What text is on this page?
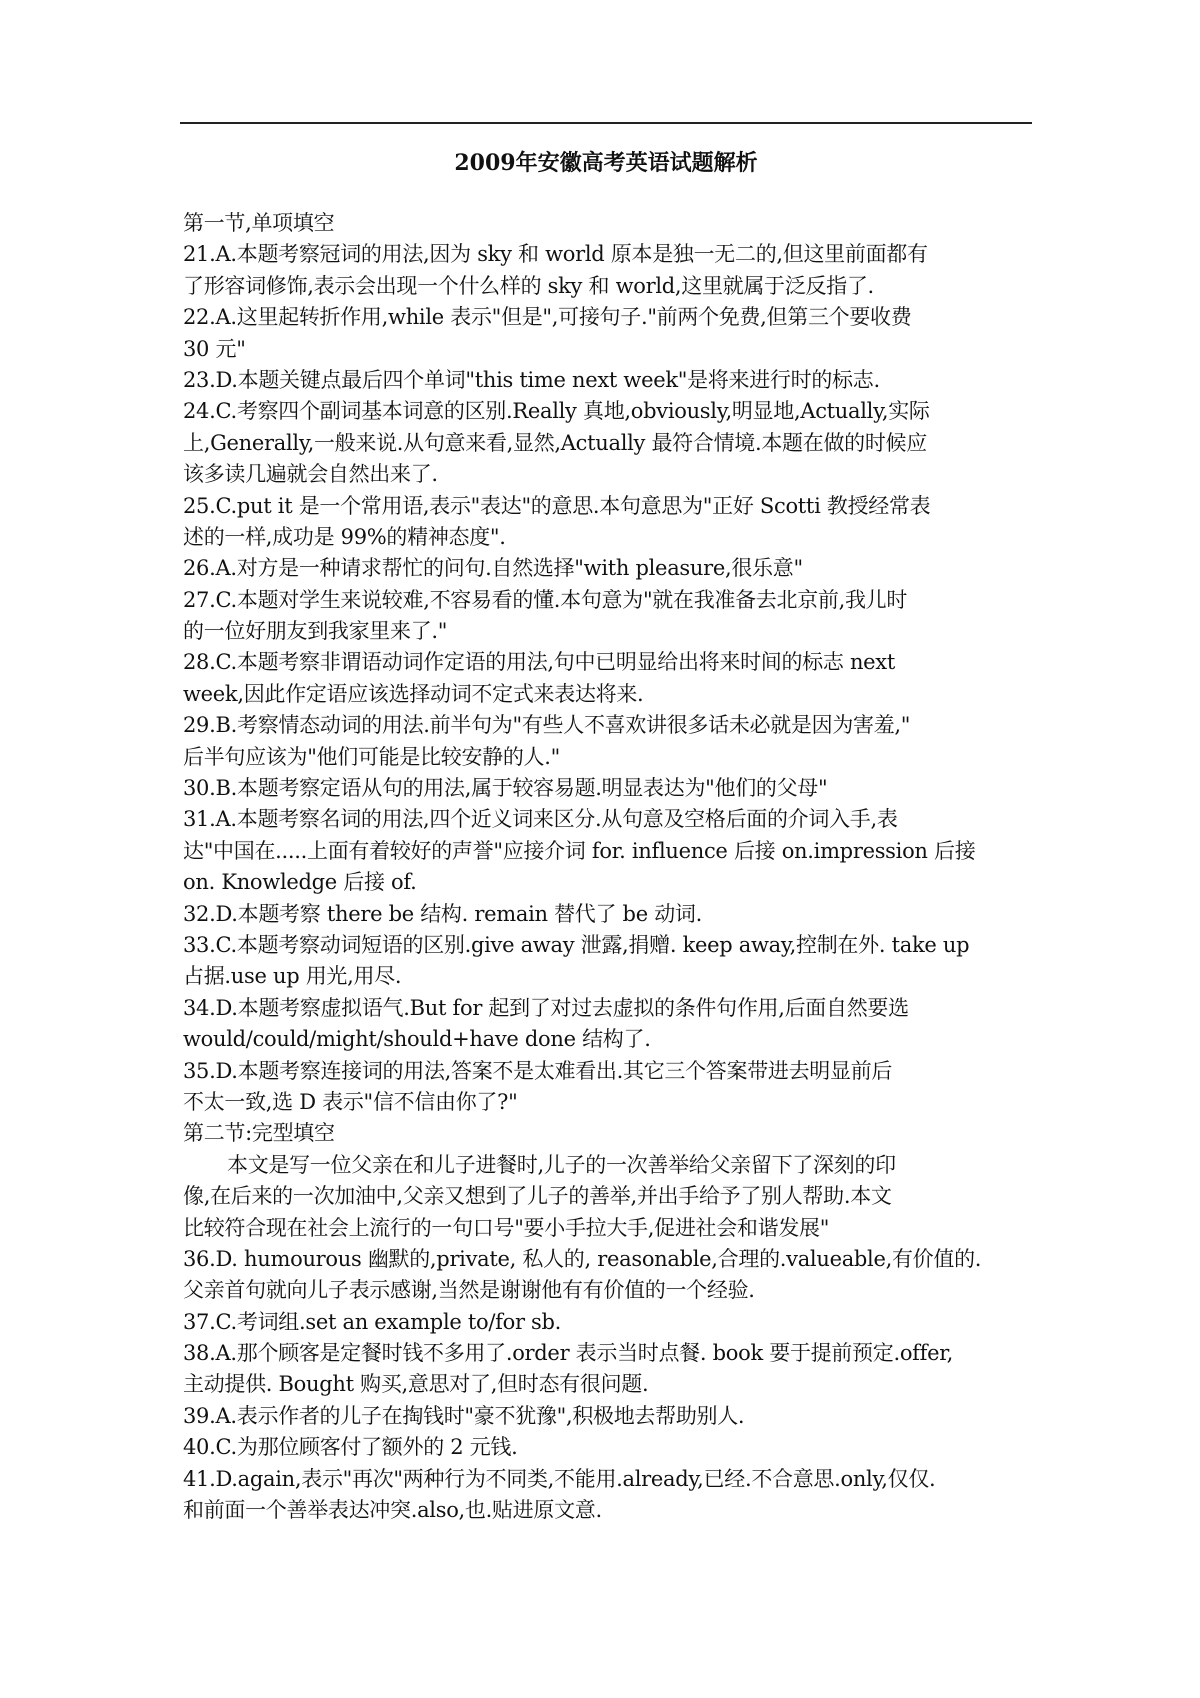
2009年安徽高考英语试题解析
第一节,单项填空
21.A.本题考察冠词的用法,因为 sky 和 world 原本是独一无二的,但这里前面都有
了形容词修饰,表示会出现一个什么样的 sky 和 world,这里就属于泛反指了.
22.A.这里起转折作用,while 表示"但是",可接句子."前两个免费,但第三个要收费
30 元"
23.D.本题关键点最后四个单词"this time next week"是将来进行时的标志.
24.C.考察四个副词基本词意的区别.Really 真地,obviously,明显地,Actually,实际
上,Generally,一般来说.从句意来看,显然,Actually 最符合情境.本题在做的时候应
该多读几遍就会自然出来了.
25.C.put it 是一个常用语,表示"表达"的意思.本句意思为"正好 Scotti 教授经常表
述的一样,成功是 99%的精神态度".
26.A.对方是一种请求帮忙的问句.自然选择"with pleasure,很乐意"
27.C.本题对学生来说较难,不容易看的懂.本句意为"就在我准备去北京前,我儿时
的一位好朋友到我家里来了."
28.C.本题考察非谓语动词作定语的用法,句中已明显给出将来时间的标志 next
week,因此作定语应该选择动词不定式来表达将来.
29.B.考察情态动词的用法.前半句为"有些人不喜欢讲很多话未必就是因为害羞,"
后半句应该为"他们可能是比较安静的人."
30.B.本题考察定语从句的用法,属于较容易题.明显表达为"他们的父母"
31.A.本题考察名词的用法,四个近义词来区分.从句意及空格后面的介词入手,表
达"中国在.....上面有着较好的声誉"应接介词 for. influence 后接 on.impression 后接
on. Knowledge 后接 of.
32.D.本题考察 there be 结构. remain 替代了 be 动词.
33.C.本题考察动词短语的区别.give away 泄露,捐赠. keep away,控制在外. take up
占据.use up 用光,用尽.
34.D.本题考察虚拟语气.But for 起到了对过去虚拟的条件句作用,后面自然要选
would/could/might/should+have done 结构了.
35.D.本题考察连接词的用法,答案不是太难看出.其它三个答案带进去明显前后
不太一致,选 D 表示"信不信由你了?"
第二节:完型填空
本文是写一位父亲在和儿子进餐时,儿子的一次善举给父亲留下了深刻的印
像,在后来的一次加油中,父亲又想到了儿子的善举,并出手给予了别人帮助.本文
比较符合现在社会上流行的一句口号"要小手拉大手,促进社会和谐发展"
36.D. humourous 幽默的,private, 私人的, reasonable,合理的.valueable,有价值的.
父亲首句就向儿子表示感谢,当然是谢谢他有有价值的一个经验.
37.C.考词组.set an example to/for sb.
38.A.那个顾客是定餐时钱不多用了.order 表示当时点餐. book 要于提前预定.offer,
主动提供. Bought 购买,意思对了,但时态有很问题.
39.A.表示作者的儿子在掏钱时"豪不犹豫",积极地去帮助别人.
40.C.为那位顾客付了额外的 2 元钱.
41.D.again,表示"再次"两种行为不同类,不能用.already,已经.不合意思.only,仅仅.
和前面一个善举表达冲突.also,也.贴进原文意.
